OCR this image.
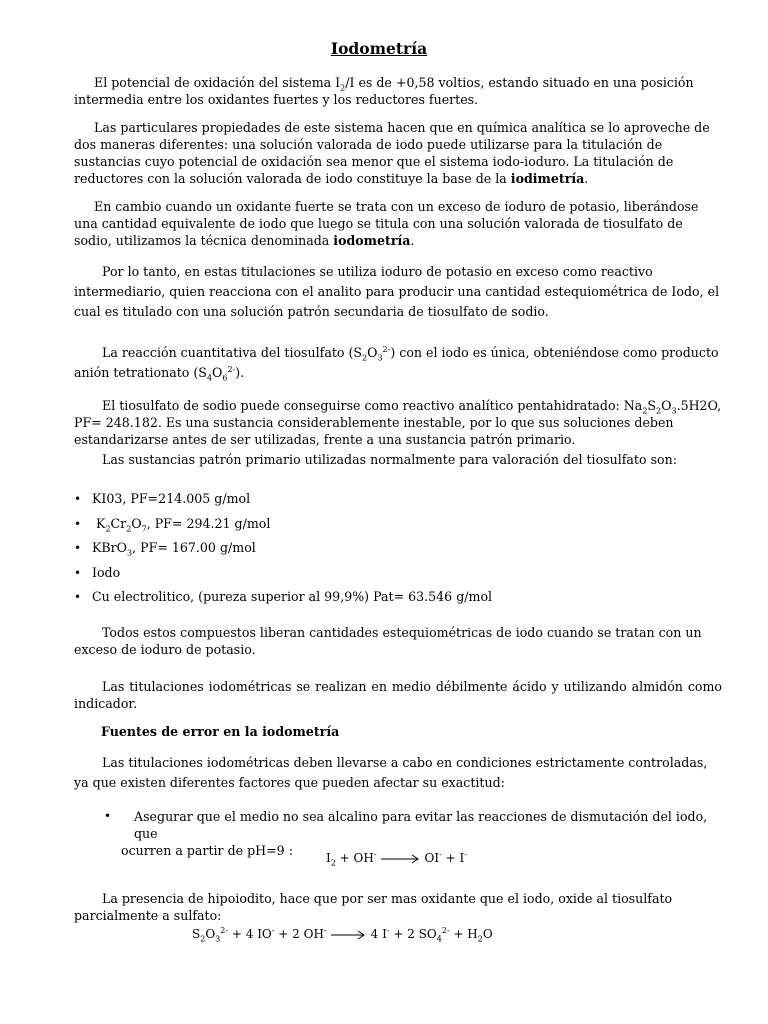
Iodometría

El potencial de oxidación del sistema $I_2/I$ es de +0,58 voltios, estando situado en una posición intermedia entre los oxidantes fuertes y los reductores fuertes.

Las particulares propiedades de este sistema hacen que en química analítica se lo aproveche de dos maneras diferentes: una solución valorada de iodo puede utilizarse para la titulación de sustancias cuyo potencial de oxidación sea menor que el sistema iodo-ioduro. La titulación de reductores con la solución valorada de iodo constituye la base de la iodimetría.

En cambio cuando un oxidante fuerte se trata con un exceso de ioduro de potasio, liberándose una cantidad equivalente de iodo que luego se titula con una solución valorada de tiosulfato de sodio, utilizamos la técnica denominada iodometría.

Por lo tanto, en estas titulaciones se utiliza ioduro de potasio en exceso como reactivo intermediario, quien reacciona con el analito para producir una cantidad estequiométrica de Iodo, el cual es titulado con una solución patrón secundaria de tiosulfato de sodio.

La reacción cuantitativa del tiosulfato $(S_2O_3^{2-})$ con el iodo es única, obteniéndose como producto anión tetrationato $(S_4O_6^{2-})$.

El tiosulfato de sodio puede conseguirse como reactivo analítico pentahidratado: $Na_2S_2O_3.5H2O$, PF= 248.182. Es una sustancia considerablemente inestable, por lo que sus soluciones deben estandarizarse antes de ser utilizadas, frente a una sustancia patrón primario.

Las sustancias patrón primario utilizadas normalmente para valoración del tiosulfato son:

• KI03, PF=214.005 g/mol
• $K_2Cr_2O_7$, PF= 294.21 g/mol
• KBrO$_3$, PF= 167.00 g/mol
• Iodo
• Cu electrolitico, (pureza superior al 99,9%) Pat= 63.546 g/mol

Todos estos compuestos liberan cantidades estequiométricas de iodo cuando se tratan con un exceso de ioduro de potasio.

Las titulaciones iodométricas se realizan en medio débilmente ácido y utilizando almidón como indicador.

Fuentes de error en la iodometría

Las titulaciones iodométricas deben llevarse a cabo en condiciones estrictamente controladas, ya que existen diferentes factores que pueden afectar su exactitud:

•	Asegurar que el medio no sea alcalino para evitar las reacciones de dismutación del iodo, que

ocurren a partir de pH=9 :	$I_2 + OH^-$	OI- + I-

La presencia de hipoiodito, hace que por ser mas oxidante que el iodo, oxide al tiosulfato parcialmente a sulfato:

$S_2O_3^{2-} + 4$ IO- + 2 OH-	4 I- + 2 $SO_4^{2-} + H_2O$
